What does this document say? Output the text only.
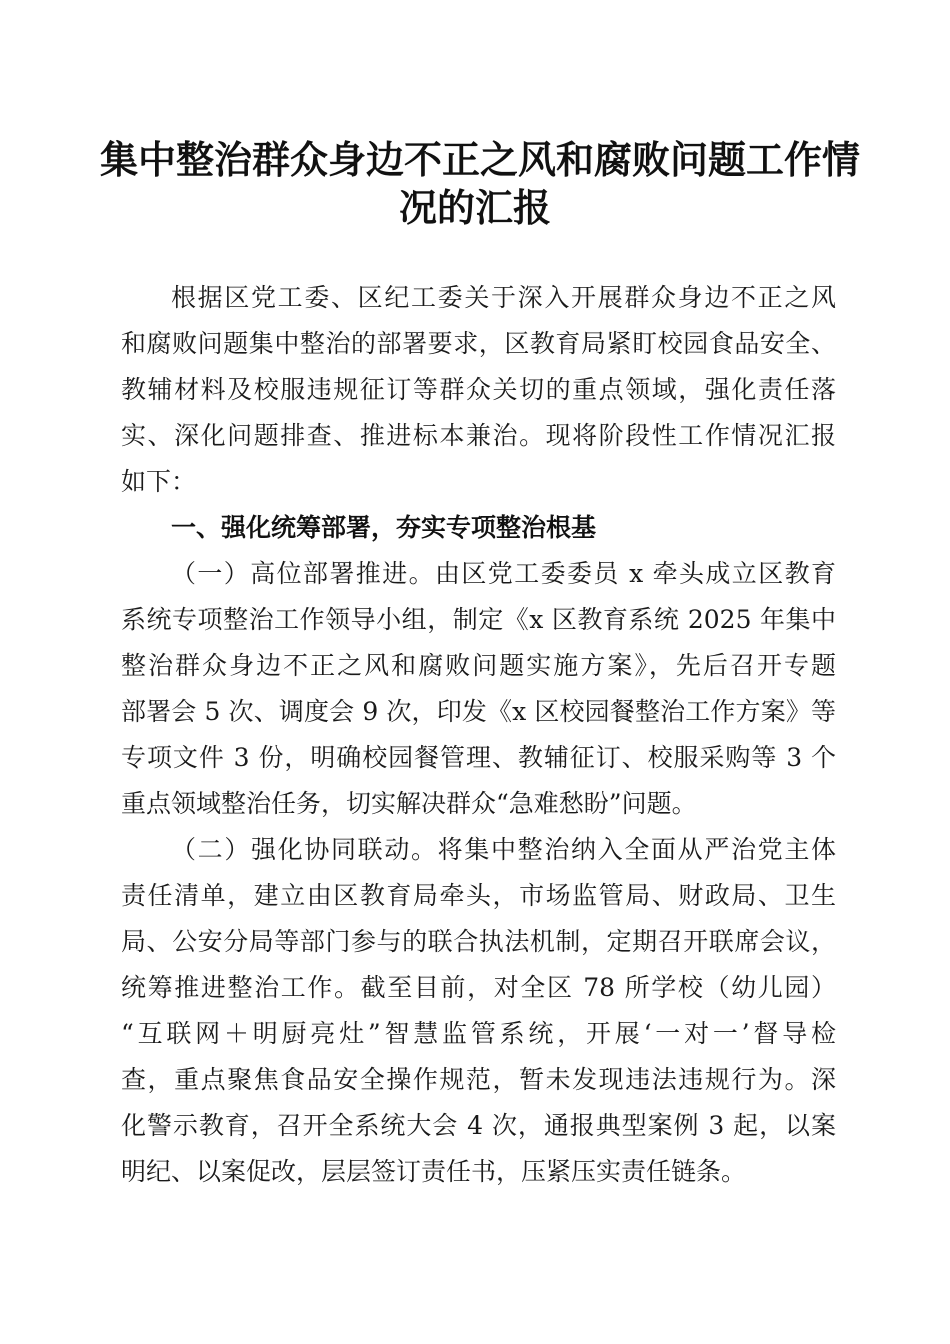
集中整治群众身边不正之风和腐败问题工作情
况的汇报
根据区党工委、区纪工委关于深入开展群众身边不正之风
和腐败问题集中整治的部署要求，区教育局紧盯校园食品安全、
教辅材料及校服违规征订等群众关切的重点领域，强化责任落
实、深化问题排查、推进标本兼治。现将阶段性工作情况汇报
如下：
一、强化统筹部署，夯实专项整治根基
（一）高位部署推进。由区党工委委员 x 牵头成立区教育
系统专项整治工作领导小组，制定《x 区教育系统 2025 年集中
整治群众身边不正之风和腐败问题实施方案》，先后召开专题
部署会 5 次、调度会 9 次，印发《x 区校园餐整治工作方案》等
专项文件 3 份，明确校园餐管理、教辅征订、校服采购等 3 个
重点领域整治任务，切实解决群众“急难愁盼”问题。
（二）强化协同联动。将集中整治纳入全面从严治党主体
责任清单，建立由区教育局牵头，市场监管局、财政局、卫生
局、公安分局等部门参与的联合执法机制，定期召开联席会议，
统筹推进整治工作。截至目前，对全区 78 所学校（幼儿园）
“互联网＋明厨亮灶”智慧监管系统，开展‘一对一’督导检
查，重点聚焦食品安全操作规范，暂未发现违法违规行为。深
化警示教育，召开全系统大会 4 次，通报典型案例 3 起，以案
明纪、以案促改，层层签订责任书，压紧压实责任链条。
